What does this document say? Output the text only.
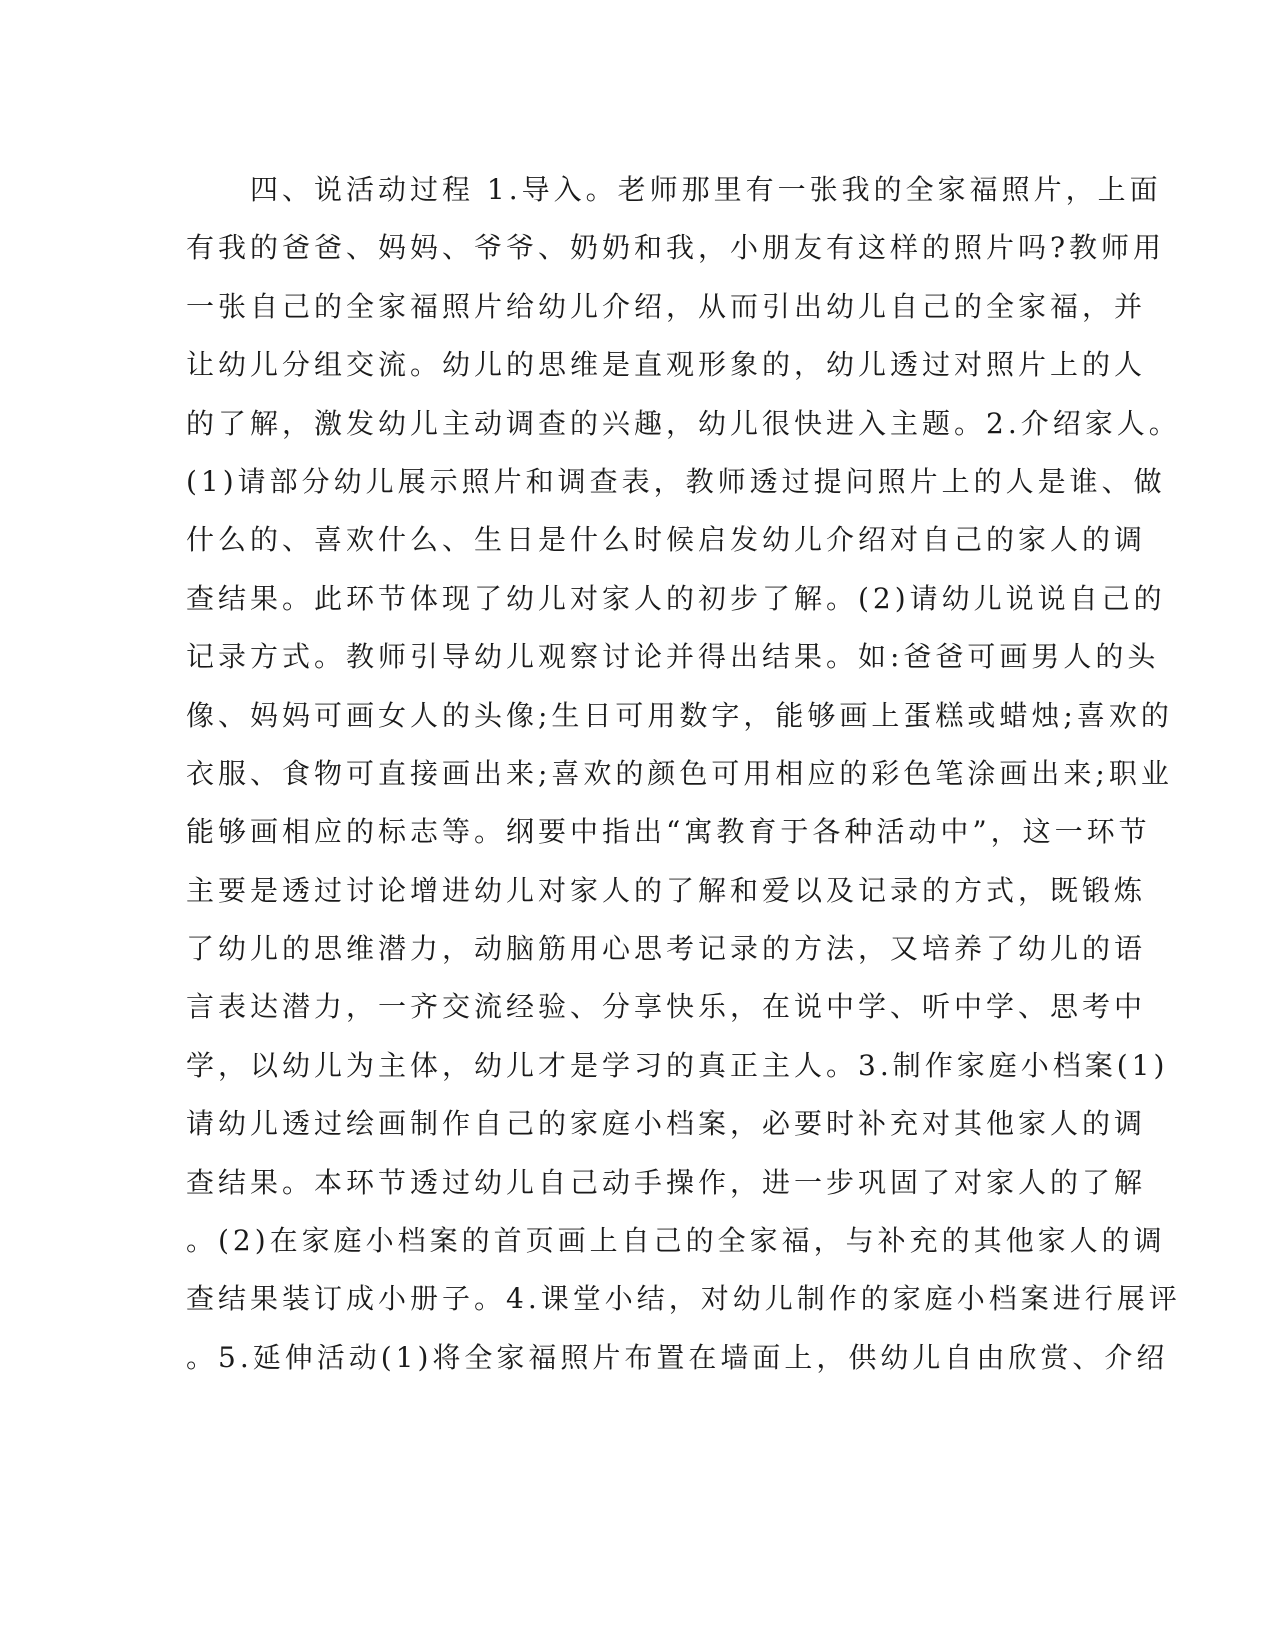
　　四、说活动过程 1.导入。老师那里有一张我的全家福照片，上面
有我的爸爸、妈妈、爷爷、奶奶和我，小朋友有这样的照片吗?教师用
一张自己的全家福照片给幼儿介绍，从而引出幼儿自己的全家福，并
让幼儿分组交流。幼儿的思维是直观形象的，幼儿透过对照片上的人
的了解，激发幼儿主动调查的兴趣，幼儿很快进入主题。2.介绍家人。
(1)请部分幼儿展示照片和调查表，教师透过提问照片上的人是谁、做
什么的、喜欢什么、生日是什么时候启发幼儿介绍对自己的家人的调
查结果。此环节体现了幼儿对家人的初步了解。(2)请幼儿说说自己的
记录方式。教师引导幼儿观察讨论并得出结果。如:爸爸可画男人的头
像、妈妈可画女人的头像;生日可用数字，能够画上蛋糕或蜡烛;喜欢的
衣服、食物可直接画出来;喜欢的颜色可用相应的彩色笔涂画出来;职业
能够画相应的标志等。纲要中指出“寓教育于各种活动中”，这一环节
主要是透过讨论增进幼儿对家人的了解和爱以及记录的方式，既锻炼
了幼儿的思维潜力，动脑筋用心思考记录的方法，又培养了幼儿的语
言表达潜力，一齐交流经验、分享快乐，在说中学、听中学、思考中
学，以幼儿为主体，幼儿才是学习的真正主人。3.制作家庭小档案(1)
请幼儿透过绘画制作自己的家庭小档案，必要时补充对其他家人的调
查结果。本环节透过幼儿自己动手操作，进一步巩固了对家人的了解
。(2)在家庭小档案的首页画上自己的全家福，与补充的其他家人的调
查结果装订成小册子。4.课堂小结，对幼儿制作的家庭小档案进行展评
。5.延伸活动(1)将全家福照片布置在墙面上，供幼儿自由欣赏、介绍
